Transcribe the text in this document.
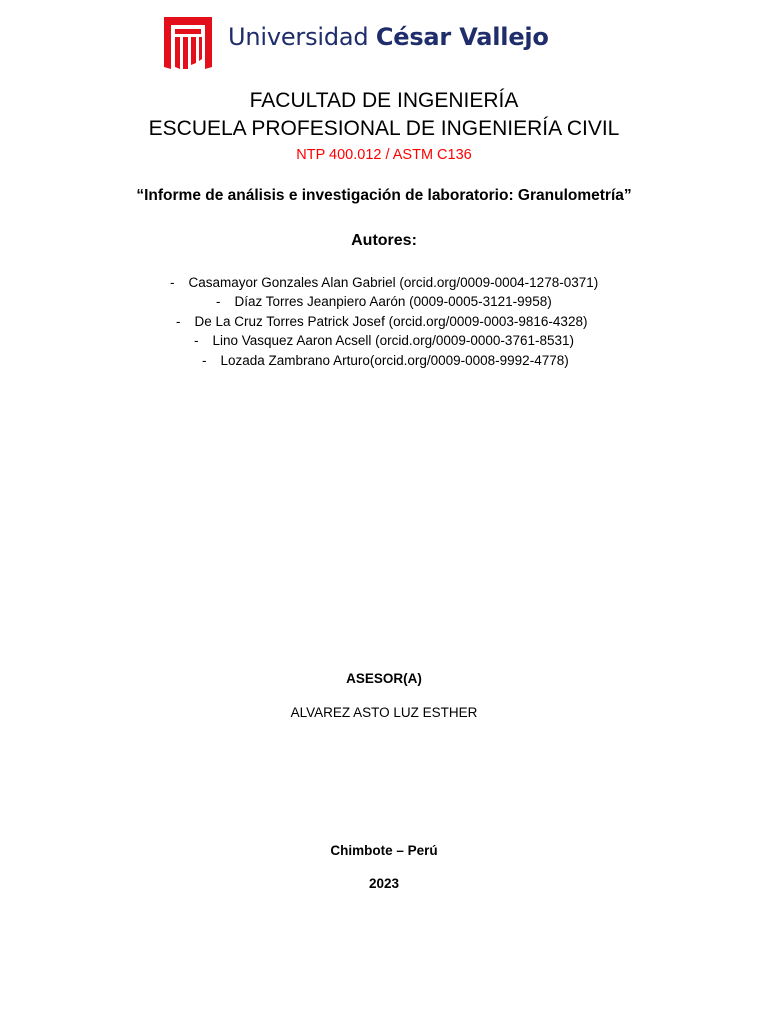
Universidad César Vallejo
FACULTAD DE INGENIERÍA
ESCUELA PROFESIONAL DE INGENIERÍA CIVIL
NTP 400.012 / ASTM C136
“Informe de análisis e investigación de laboratorio: Granulometría”
Autores:
- Casamayor Gonzales Alan Gabriel (orcid.org/0009-0004-1278-0371)
- Díaz Torres Jeanpiero Aarón (0009-0005-3121-9958)
- De La Cruz Torres Patrick Josef (orcid.org/0009-0003-9816-4328)
- Lino Vasquez Aaron Acsell (orcid.org/0009-0000-3761-8531)
- Lozada Zambrano Arturo(orcid.org/0009-0008-9992-4778)
ASESOR(A)
ALVAREZ ASTO LUZ ESTHER
Chimbote – Perú
2023
